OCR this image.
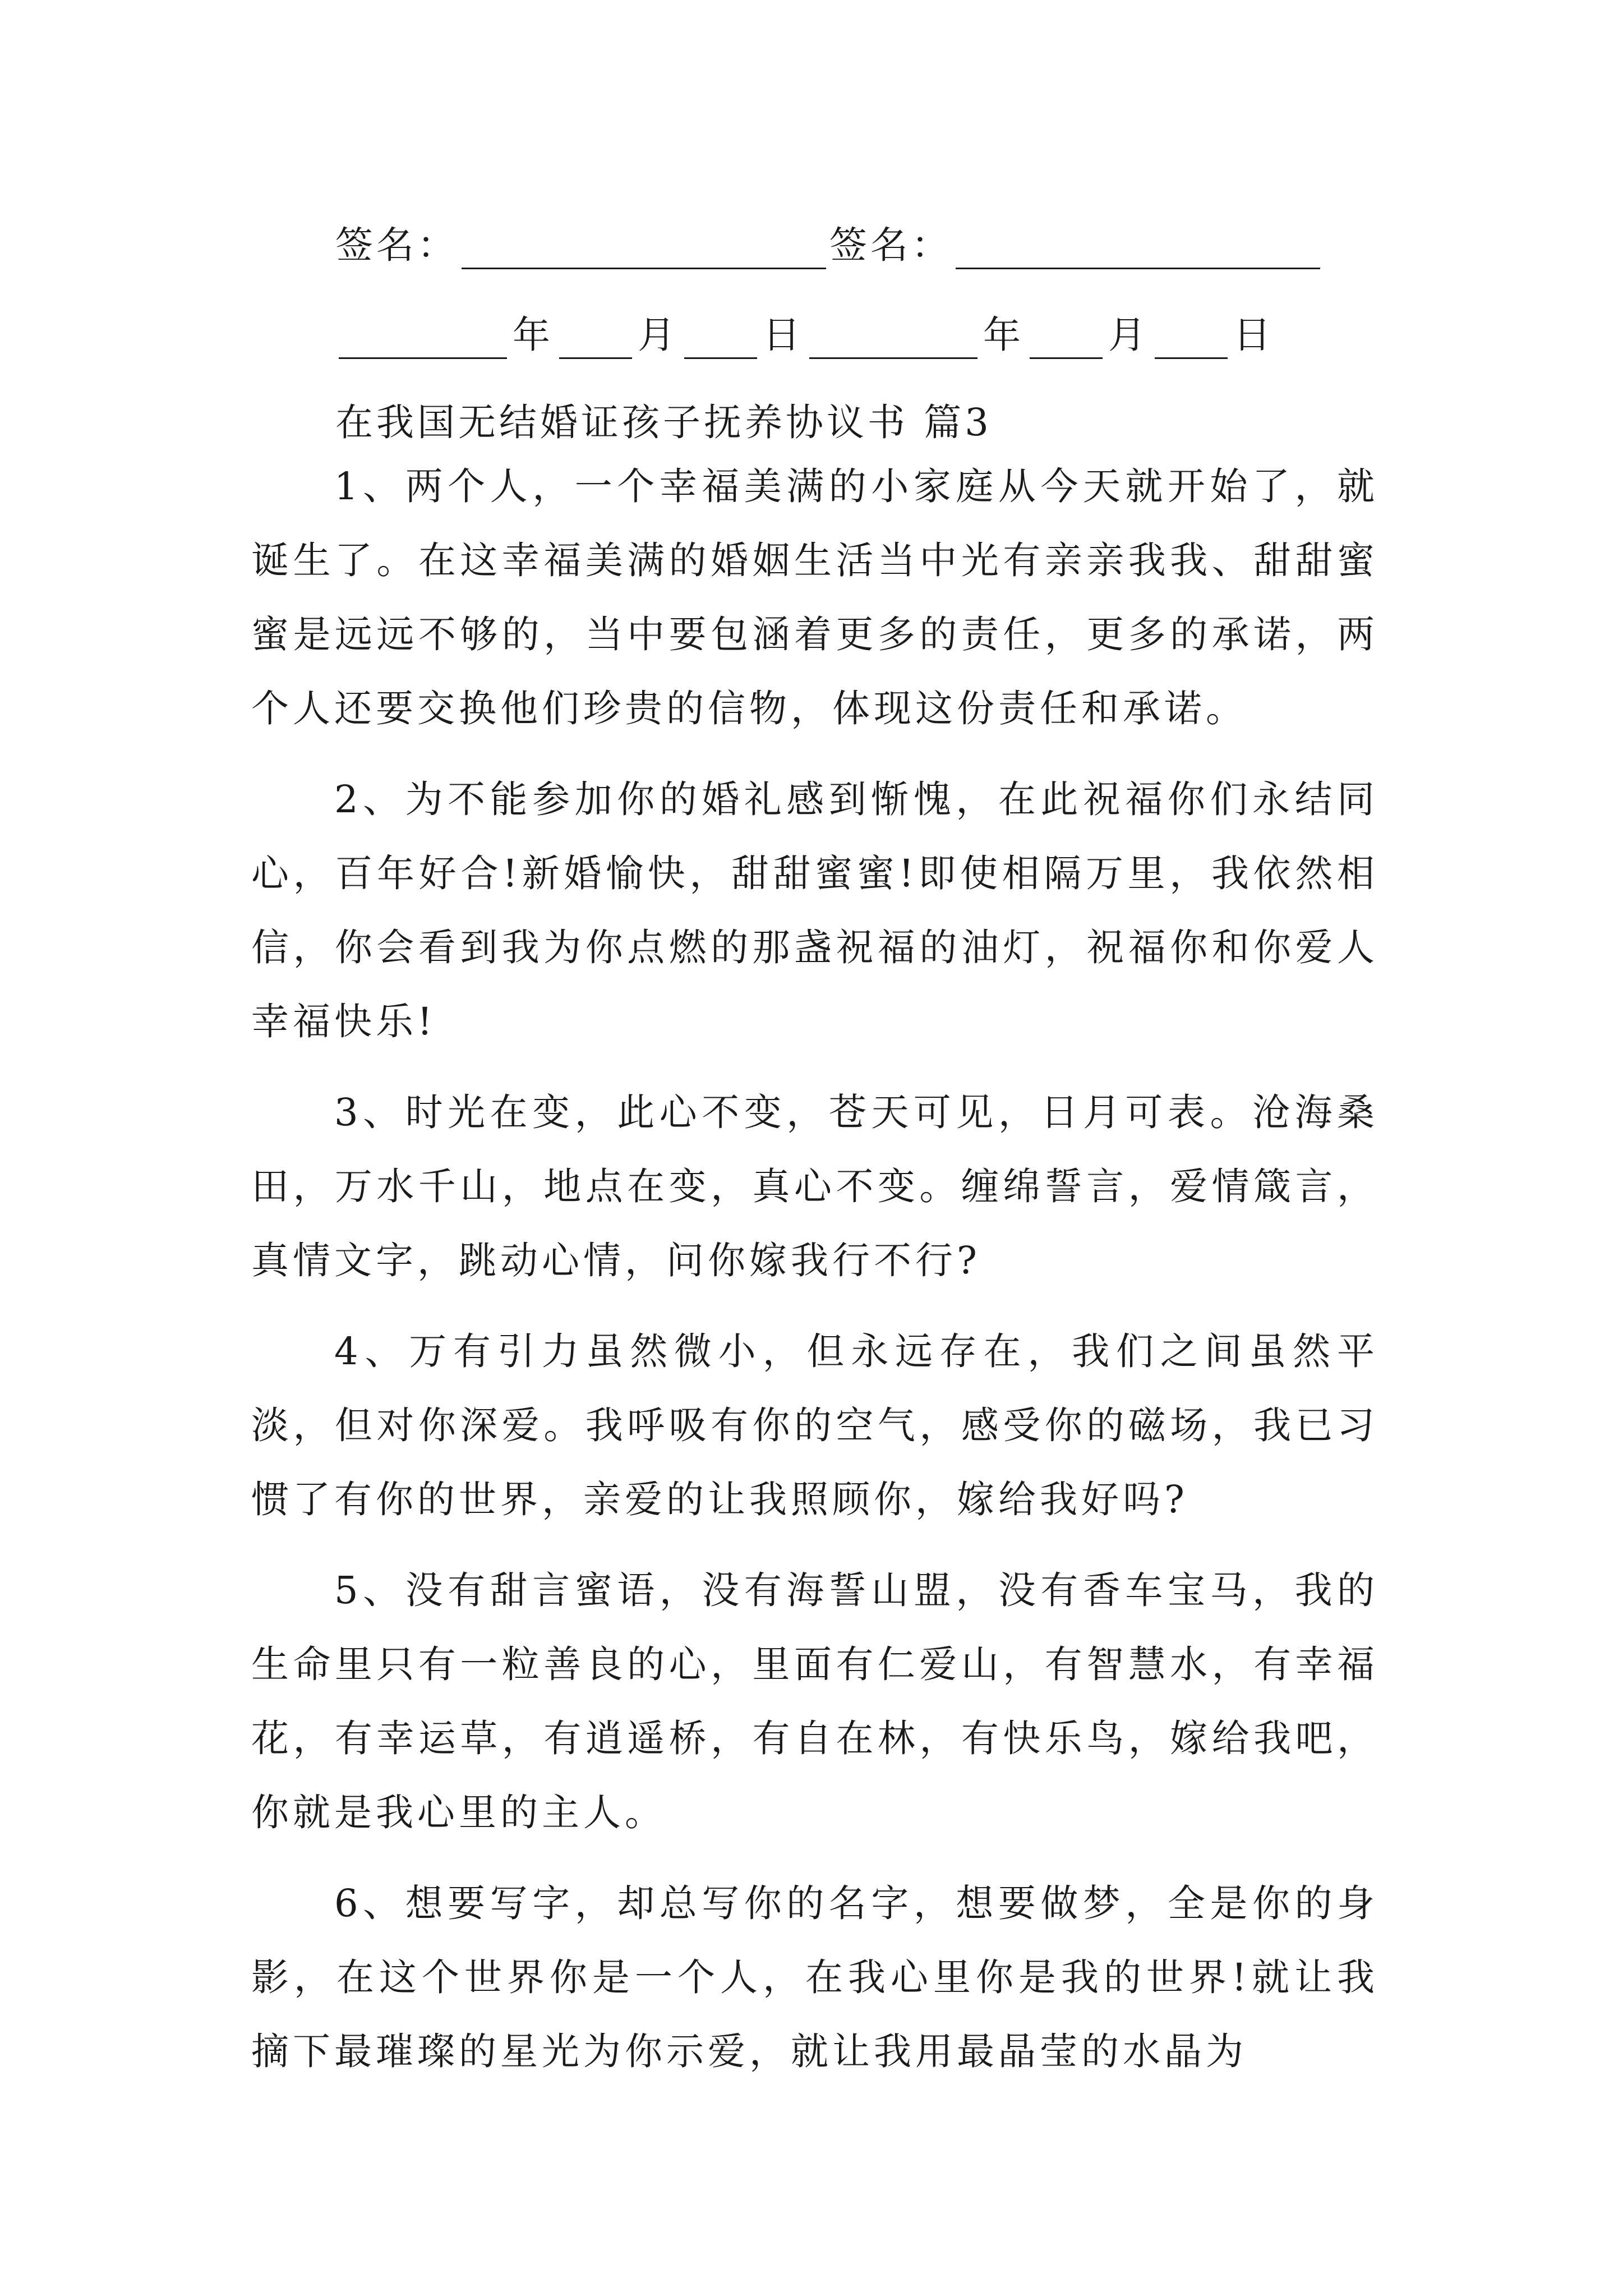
签名：	签名：
年 月 日	年 月 日
在我国无结婚证孩子抚养协议书 篇3

1、两个人，一个幸福美满的小家庭从今天就开始了，就诞生了。在这幸福美满的婚姻生活当中光有亲亲我我、甜甜蜜蜜是远远不够的，当中要包涵着更多的责任，更多的承诺，两个人还要交换他们珍贵的信物，体现这份责任和承诺。

2、为不能参加你的婚礼感到惭愧，在此祝福你们永结同心，百年好合!新婚愉快，甜甜蜜蜜!即使相隔万里，我依然相信，你会看到我为你点燃的那盏祝福的油灯，祝福你和你爱人幸福快乐!

3、时光在变，此心不变，苍天可见，日月可表。沧海桑田，万水千山，地点在变，真心不变。缠绵誓言，爱情箴言，真情文字，跳动心情，问你嫁我行不行?

4、万有引力虽然微小，但永远存在，我们之间虽然平淡，但对你深爱。我呼吸有你的空气，感受你的磁场，我已习惯了有你的世界，亲爱的让我照顾你，嫁给我好吗?

5、没有甜言蜜语，没有海誓山盟，没有香车宝马，我的生命里只有一粒善良的心，里面有仁爱山，有智慧水，有幸福花，有幸运草，有逍遥桥，有自在林，有快乐鸟，嫁给我吧，你就是我心里的主人。

6、想要写字，却总写你的名字，想要做梦，全是你的身影，在这个世界你是一个人，在我心里你是我的世界!就让我摘下最璀璨的星光为你示爱，就让我用最晶莹的水晶为
